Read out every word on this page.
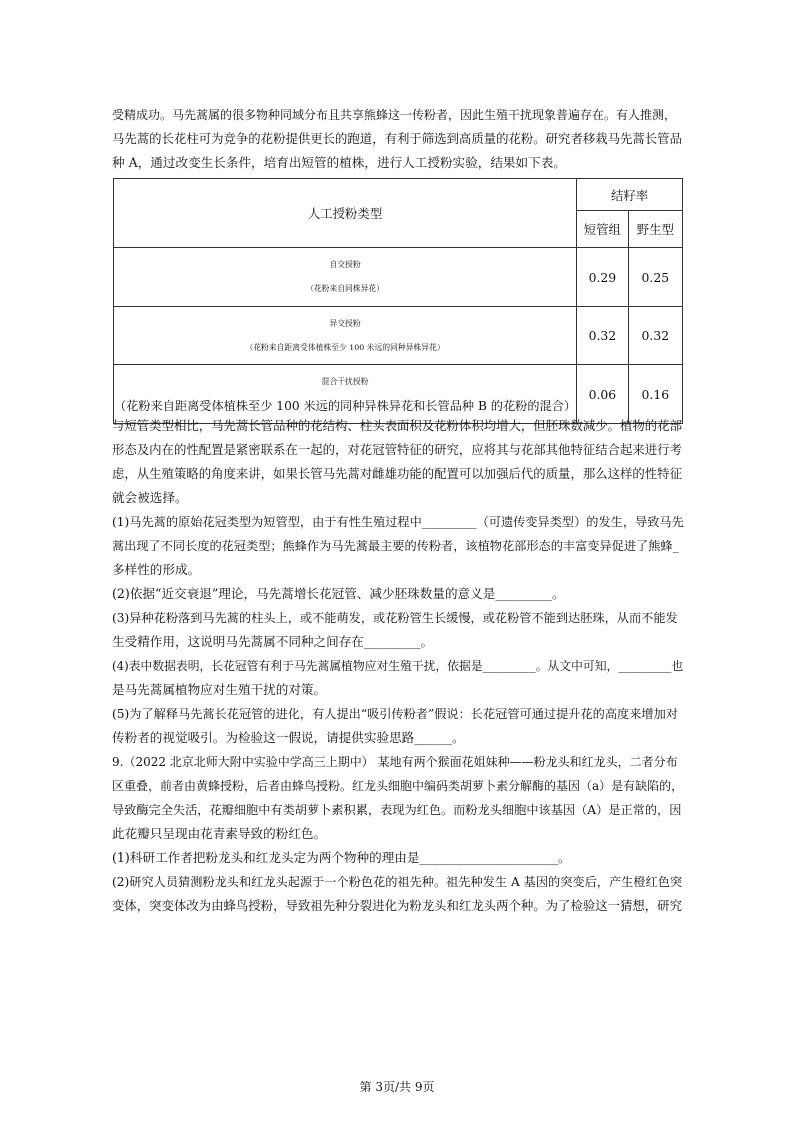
受精成功。马先蒿属的很多物种同域分布且共享熊蜂这一传粉者，因此生殖干扰现象普遍存在。有人推测，
马先蒿的长花柱可为竞争的花粉提供更长的跑道，有利于筛选到高质量的花粉。研究者移栽马先蒿长管品
种 A，通过改变生长条件，培育出短管的植株，进行人工授粉实验，结果如下表。
人工授粉类型	结籽率	
	短管组	野生型

自交授粉
（花粉来自同株异花）	0.29	0.25

异交授粉
（花粉来自距离受体植株至少 100 米远的同种异株异花）	0.32	0.32

混合干扰授粉
（花粉来自距离受体植株至少 100 米远的同种异株异花和长管品种 B 的花粉的混合）	0.06	0.16
与短管类型相比，马先蒿长管品种的花结构、柱头表面积及花粉体积均增大，但胚珠数减少。植物的花部
形态及内在的性配置是紧密联系在一起的，对花冠管特征的研究，应将其与花部其他特征结合起来进行考
虑，从生殖策略的角度来讲，如果长管马先蒿对雌雄功能的配置可以加强后代的质量，那么这样的性特征
就会被选择。
(1)马先蒿的原始花冠类型为短管型，由于有性生殖过程中_________（可遗传变异类型）的发生，导致马先
蒿出现了不同长度的花冠类型；熊蜂作为马先蒿最主要的传粉者，该植物花部形态的丰富变异促进了熊蜂_
多样性的形成。
(2)依据“近交衰退”理论，马先蒿增长花冠管、减少胚珠数量的意义是_________。
(3)异种花粉落到马先蒿的柱头上，或不能萌发，或花粉管生长缓慢，或花粉管不能到达胚珠，从而不能发
生受精作用，这说明马先蒿属不同种之间存在_________。
(4)表中数据表明，长花冠管有利于马先蒿属植物应对生殖干扰，依据是_________。从文中可知，_________也
是马先蒿属植物应对生殖干扰的对策。
(5)为了解释马先蒿长花冠管的进化，有人提出“吸引传粉者”假说：长花冠管可通过提升花的高度来增加对
传粉者的视觉吸引。为检验这一假说，请提供实验思路______。
9.（2022 北京北师大附中实验中学高三上期中） 某地有两个猴面花姐妹种——粉龙头和红龙头，二者分布
区重叠，前者由黄蜂授粉，后者由蜂鸟授粉。红龙头细胞中编码类胡萝卜素分解酶的基因（a）是有缺陷的，
导致酶完全失活，花瓣细胞中有类胡萝卜素积累，表现为红色。而粉龙头细胞中该基因（A）是正常的，因
此花瓣只呈现由花青素导致的粉红色。
(1)科研工作者把粉龙头和红龙头定为两个物种的理由是______________________。
(2)研究人员猜测粉龙头和红龙头起源于一个粉色花的祖先种。祖先种发生 A 基因的突变后，产生橙红色突
变体，突变体改为由蜂鸟授粉，导致祖先种分裂进化为粉龙头和红龙头两个种。为了检验这一猜想，研究
第 3页/共 9页
